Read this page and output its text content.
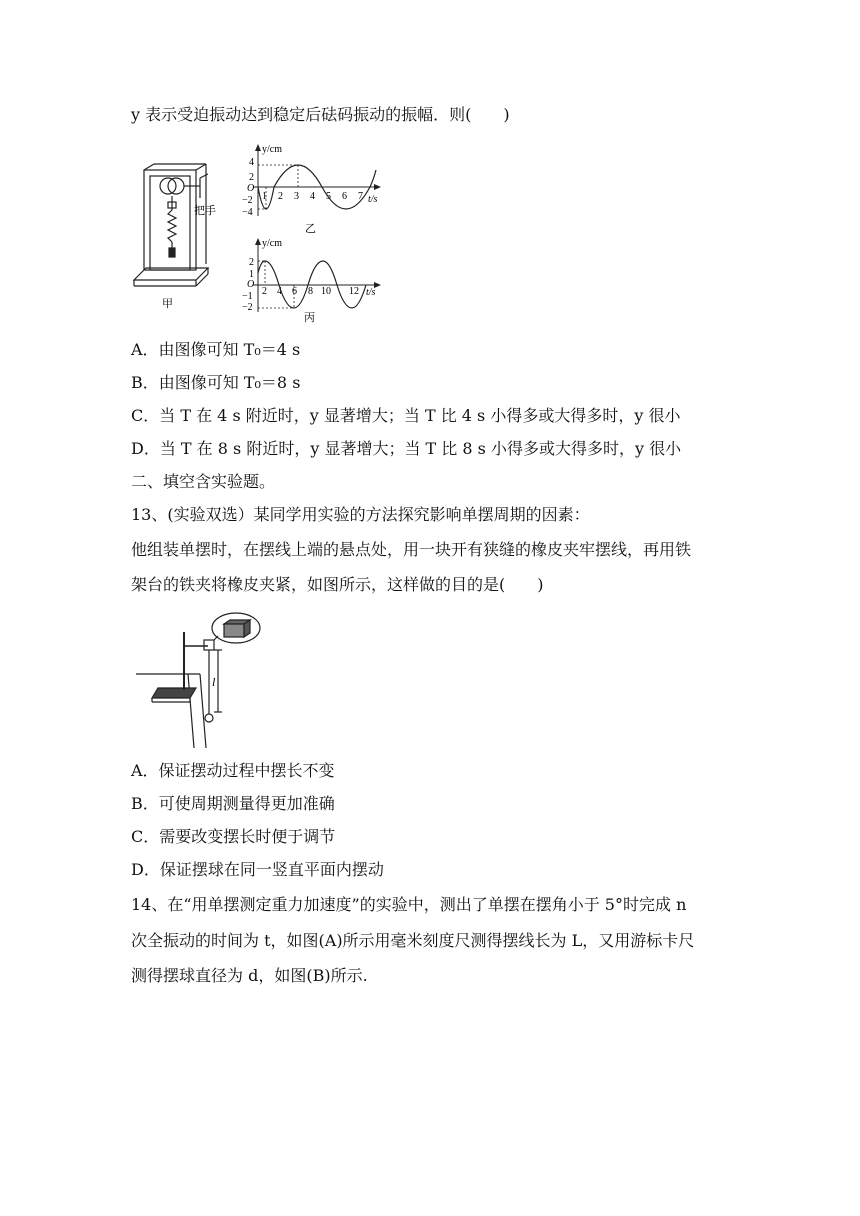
y 表示受迫振动达到稳定后砝码振动的振幅．则(　　)
把手
甲
y/cm
t/s
O
4
2
−2
−4
1 2 3 4 5 6 7
乙
y/cm
t/s
O
2
1
−1
−2
2 4 6 8 10 12
丙
A．由图像可知 T₀＝4 s
B．由图像可知 T₀＝8 s
C．当 T 在 4 s 附近时，y 显著增大；当 T 比 4 s 小得多或大得多时，y 很小
D．当 T 在 8 s 附近时，y 显著增大；当 T 比 8 s 小得多或大得多时，y 很小
二、填空含实验题。
13、(实验双选）某同学用实验的方法探究影响单摆周期的因素：
他组装单摆时，在摆线上端的悬点处，用一块开有狭缝的橡皮夹牢摆线，再用铁
架台的铁夹将橡皮夹紧，如图所示，这样做的目的是(　　)
l
A．保证摆动过程中摆长不变
B．可使周期测量得更加准确
C．需要改变摆长时便于调节
D．保证摆球在同一竖直平面内摆动
14、在“用单摆测定重力加速度”的实验中，测出了单摆在摆角小于 5°时完成 n
次全振动的时间为 t，如图(A)所示用毫米刻度尺测得摆线长为 L，又用游标卡尺
测得摆球直径为 d，如图(B)所示.
